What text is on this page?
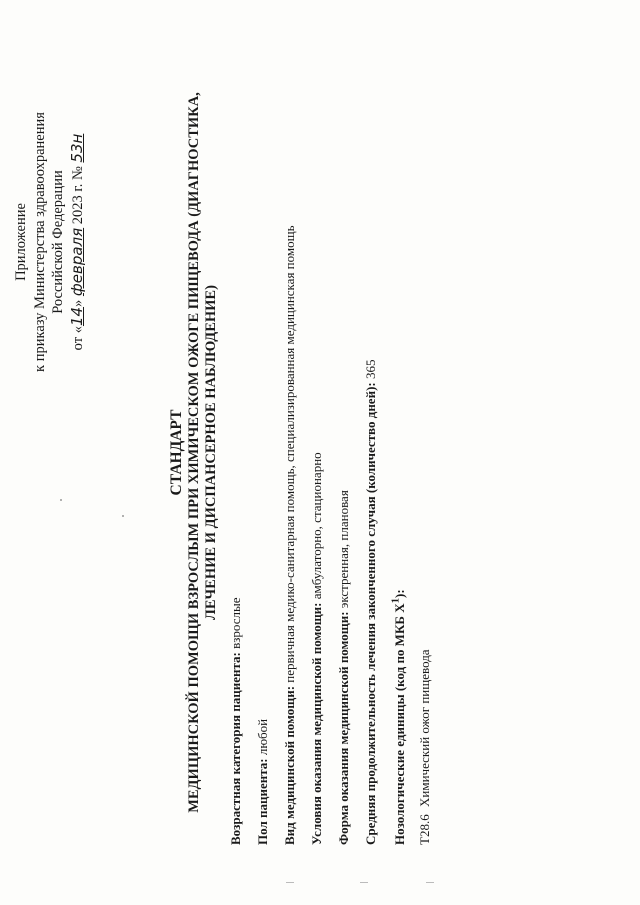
Приложение к приказу Министерства здравоохранения Российской Федерации
от «14» февраля 2023 г. № 53н
СТАНДАРТ МЕДИЦИНСКОЙ ПОМОЩИ ВЗРОСЛЫМ ПРИ ХИМИЧЕСКОМ ОЖОГЕ ПИЩЕВОДА (ДИАГНОСТИКА, ЛЕЧЕНИЕ И ДИСПАНСЕРНОЕ НАБЛЮДЕНИЕ)
Возрастная категория пациента: взрослые
Пол пациента: любой Вид медицинской помощи: первичная медико-санитарная помощь, специализированная медицинская помощь
Условия оказания медицинской помощи: амбулаторно, стационарно
Форма оказания медицинской помощи: экстренная, плановая Средняя продолжительность лечения законченного случая (количество дней): 365
Нозологические единицы (код по МКБ $X^1$):
T28.6Химический ожог пищевода
